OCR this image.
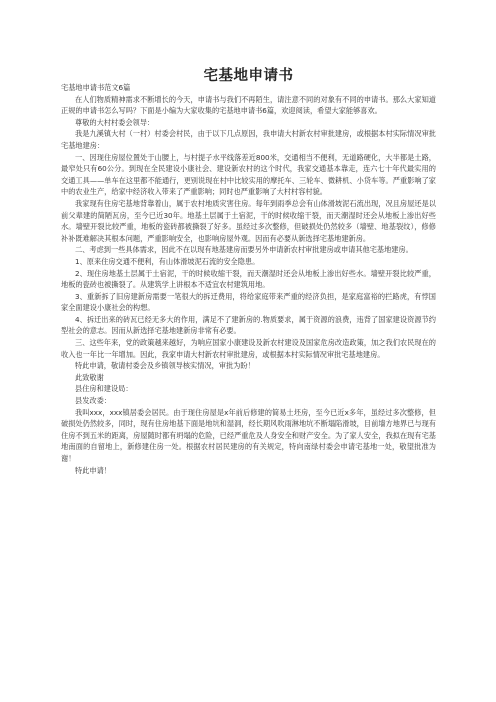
宅基地申请书

宅基地申请书范文6篇

在人们物质精神需求不断增长的今天，申请书与我们不再陌生，请注意不同的对象有不同的申请书。那么大家知道正规的申请书怎么写吗？下面是小编为大家收集的宅基地申请书6篇，欢迎阅读，希望大家能够喜欢。

尊敬的大村村委会领导：

我是九溪镇大村（一村）村委会村民，由于以下几点原因，我申请大村新农村审批建房，或根据本村实际情况审批宅基地建房：

一、因现住房屋位置处于山腰上，与村提子水平线落差近800米，交通相当不便利，无道路硬化，大半都是土路，最窄处只有60公分。到现在全民建设小康社会、建设新农村的这个时代，我家交通基本靠走，连六七十年代最实用的交通工具——单车在这里都不能通行，更别说现在村中比较实用的摩托车、三轮车、微耕机、小货车等。严重影响了家中的农业生产，给家中经济收入带来了严重影响；同时也严重影响了大村村容村貌。

我家现有住房宅基地背靠着山，属于农村地质灾害住房。每年到雨季总会有山体滑坡泥石流出现，况且房屋还是以前父辈建的简陋瓦房，至今已近30年。地基土层属于土宿泥，干的时候收缩干裂，而天潮湿时还会从地板上渗出好些水。墙壁开裂比较严重，地板的瓷砖都被撕裂了好多。虽经过多次整修，但破损处仍然较多（墙壁、地基裂纹），修修补补既难解决其根本问题，严重影响安全，也影响房屋外观。因而有必要从新选择宅基地建新房。

二、考虑到一些具体需求，因此不在以现有地基建房而要另外申请新农村审批建房或申请其他宅基地建房。

1、原来住房交通不便利，有山体滑坡泥石流的安全隐患。

2、现住房地基土层属于土宿泥，干的时候收缩干裂，而天潮湿时还会从地板上渗出好些水。墙壁开裂比较严重，地板的瓷砖也被撕裂了。从建筑学上讲根本不适宜农村建筑用地。

3、重新拆了旧房建新房需要一笔很大的拆迁费用，将给家庭带来严重的经济负担，是家庭富裕的拦路虎，有悖国家全面建设小康社会的构想。

4、拆迁出来的砖瓦已经无多大的作用，满足不了建新房的.物质要求，属于资源的浪费，违背了国家建设资源节约型社会的意志。因而从新选择宅基地建新房非常有必要。

三、这些年来，党的政策越来越好，为响应国家小康建设及新农村建设及国家危房改造政策，加之我们农民现在的收入也一年比一年增加。因此，我家申请大村新农村审批建房，或根据本村实际情况审批宅基地建房。

特此申请，敬请村委会及乡镇领导核实情况，审批为盼！

此致敬谢

县住房和建设局：

县发改委：

我叫xxx，xxx镇居委会居民。由于现住房屋是x年前后修建的简易土坯房，至今已近x多年，虽经过多次整修，但破损处仍然较多，同时，现有住房地基下面是地坑和湿洞，经长期风吹雨淋地坑不断塌陷滑坡，目前墙方地界已与现有住房不到五米的距离，房屋随时都有坍塌的危险，已经严重危及人身安全和财产安全。为了家人安全，我拟在现有宅基地南面的自留地上，新修建住房一处。根据农村居民建房的有关规定，特向南绿村委会申请宅基地一处，敬望批准为谢！

特此申请！
